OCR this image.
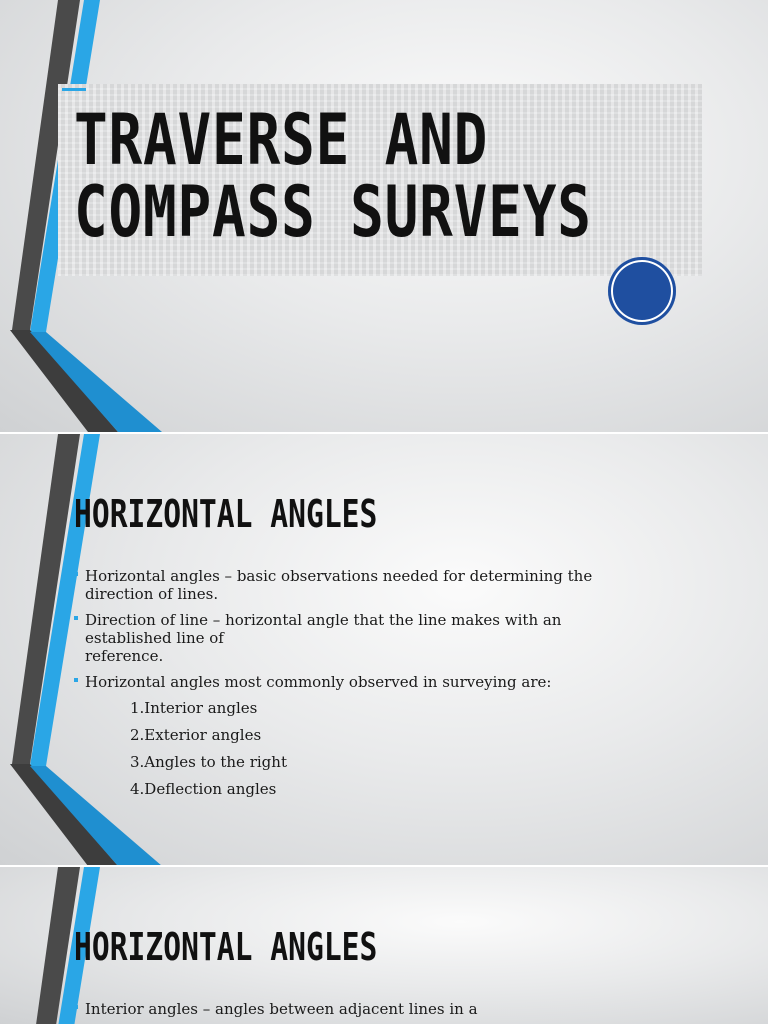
TRAVERSE AND
COMPASS SURVEYS
HORIZONTAL ANGLES
Horizontal angles – basic observations needed for determining the direction of lines.
Direction of line – horizontal angle that the line makes with an established line of
reference.
Horizontal angles most commonly observed in surveying are:
1.Interior angles
2.Exterior angles
3.Angles to the right
4.Deflection angles
HORIZONTAL ANGLES
Interior angles – angles between adjacent lines in a
